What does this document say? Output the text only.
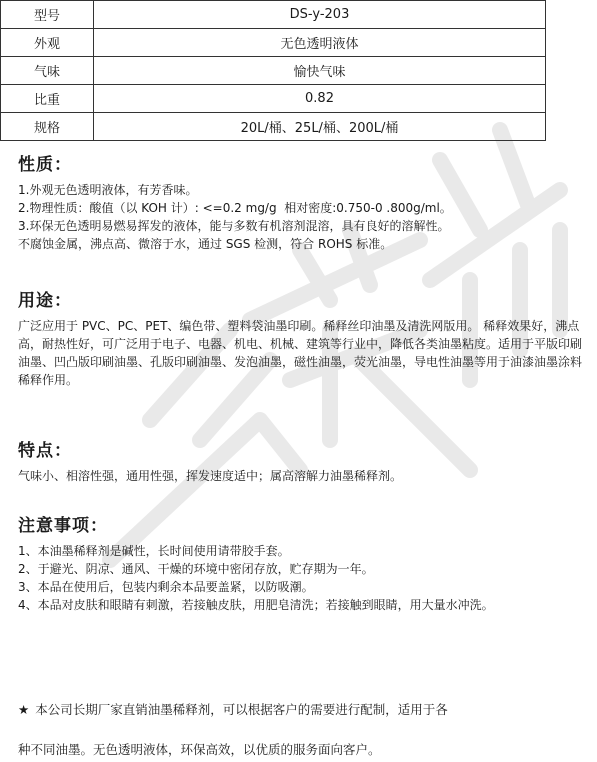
型号	DS-y-203
外观	无色透明液体
气味	愉快气味
比重	0.82
规格	20L/桶、25L/桶、200L/桶
性质：

1.外观无色透明液体，有芳香味。

2.物理性质：酸值（以 KOH 计）: <=0.2 mg/g  相对密度:0.750-0 .800g/ml。

3.环保无色透明易燃易挥发的液体，能与多数有机溶剂混溶，具有良好的溶解性。

不腐蚀金属，沸点高、微溶于水，通过 SGS 检测，符合 ROHS 标准。

用途：

广泛应用于 PVC、PC、PET、编色带、塑料袋油墨印刷。稀释丝印油墨及清洗网版用。 稀释效果好，沸点高，耐热性好，可广泛用于电子、电器、机电、机械、建筑等行业中，降低各类油墨粘度。适用于平版印刷油墨、凹凸版印刷油墨、孔版印刷油墨、发泡油墨，磁性油墨，荧光油墨，导电性油墨等用于油漆油墨涂料稀释作用。

特点：

气味小、相溶性强，通用性强，挥发速度适中；属高溶解力油墨稀释剂。

注意事项：

1、本油墨稀释剂是碱性，长时间使用请带胶手套。

2、于避光、阴凉、通风、干燥的环境中密闭存放，贮存期为一年。

3、本品在使用后，包装内剩余本品要盖紧，以防吸潮。

4、本品对皮肤和眼睛有刺激，若接触皮肤，用肥皂清洗；若接触到眼睛，用大量水冲洗。

★ 本公司长期厂家直销油墨稀释剂，可以根据客户的需要进行配制，适用于各
种不同油墨。无色透明液体，环保高效，以优质的服务面向客户。
